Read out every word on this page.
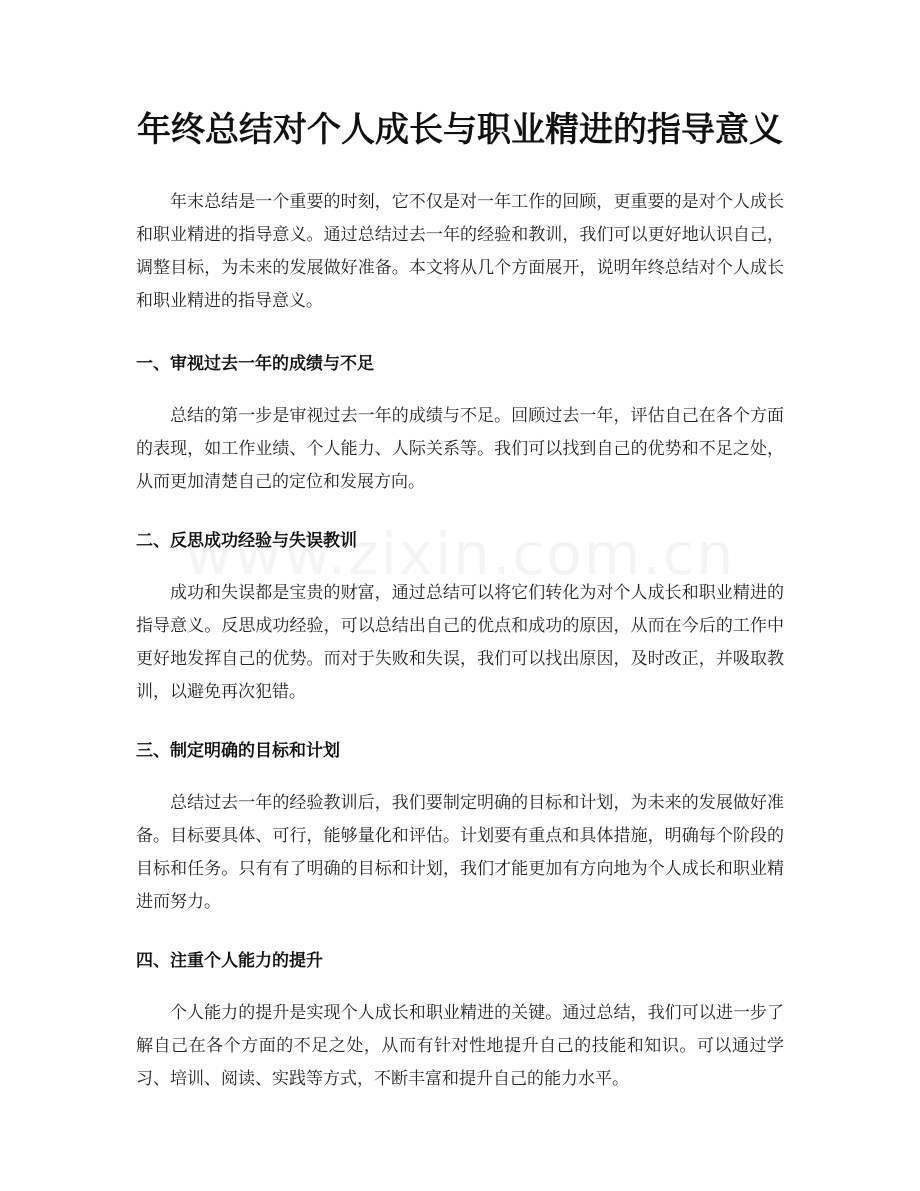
年终总结对个人成长与职业精进的指导意义

年末总结是一个重要的时刻，它不仅是对一年工作的回顾，更重要的是对个人成长和职业精进的指导意义。通过总结过去一年的经验和教训，我们可以更好地认识自己，调整目标，为未来的发展做好准备。本文将从几个方面展开，说明年终总结对个人成长和职业精进的指导意义。

一、审视过去一年的成绩与不足

总结的第一步是审视过去一年的成绩与不足。回顾过去一年，评估自己在各个方面的表现，如工作业绩、个人能力、人际关系等。我们可以找到自己的优势和不足之处，从而更加清楚自己的定位和发展方向。

二、反思成功经验与失误教训

成功和失误都是宝贵的财富，通过总结可以将它们转化为对个人成长和职业精进的指导意义。反思成功经验，可以总结出自己的优点和成功的原因，从而在今后的工作中更好地发挥自己的优势。而对于失败和失误，我们可以找出原因，及时改正，并吸取教训，以避免再次犯错。

三、制定明确的目标和计划

总结过去一年的经验教训后，我们要制定明确的目标和计划，为未来的发展做好准备。目标要具体、可行，能够量化和评估。计划要有重点和具体措施，明确每个阶段的目标和任务。只有有了明确的目标和计划，我们才能更加有方向地为个人成长和职业精进而努力。

四、注重个人能力的提升

个人能力的提升是实现个人成长和职业精进的关键。通过总结，我们可以进一步了解自己在各个方面的不足之处，从而有针对性地提升自己的技能和知识。可以通过学习、培训、阅读、实践等方式，不断丰富和提升自己的能力水平。
